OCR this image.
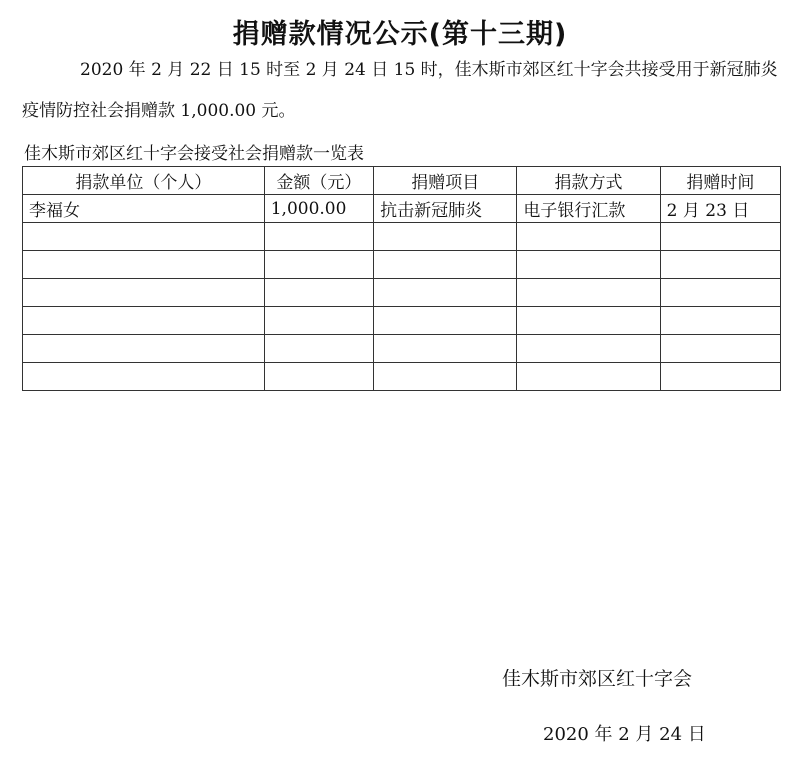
捐赠款情况公示(第十三期)
2020 年 2 月 22 日 15 时至 2 月 24 日 15 时，佳木斯市郊区红十字会共接受用于新冠肺炎疫情防控社会捐赠款 1,000.00 元。
佳木斯市郊区红十字会接受社会捐赠款一览表
捐款单位（个人）	金额（元）	捐赠项目	捐款方式	捐赠时间
李福女	1,000.00	抗击新冠肺炎	电子银行汇款	2 月 23 日

佳木斯市郊区红十字会
2020 年 2 月 24 日
